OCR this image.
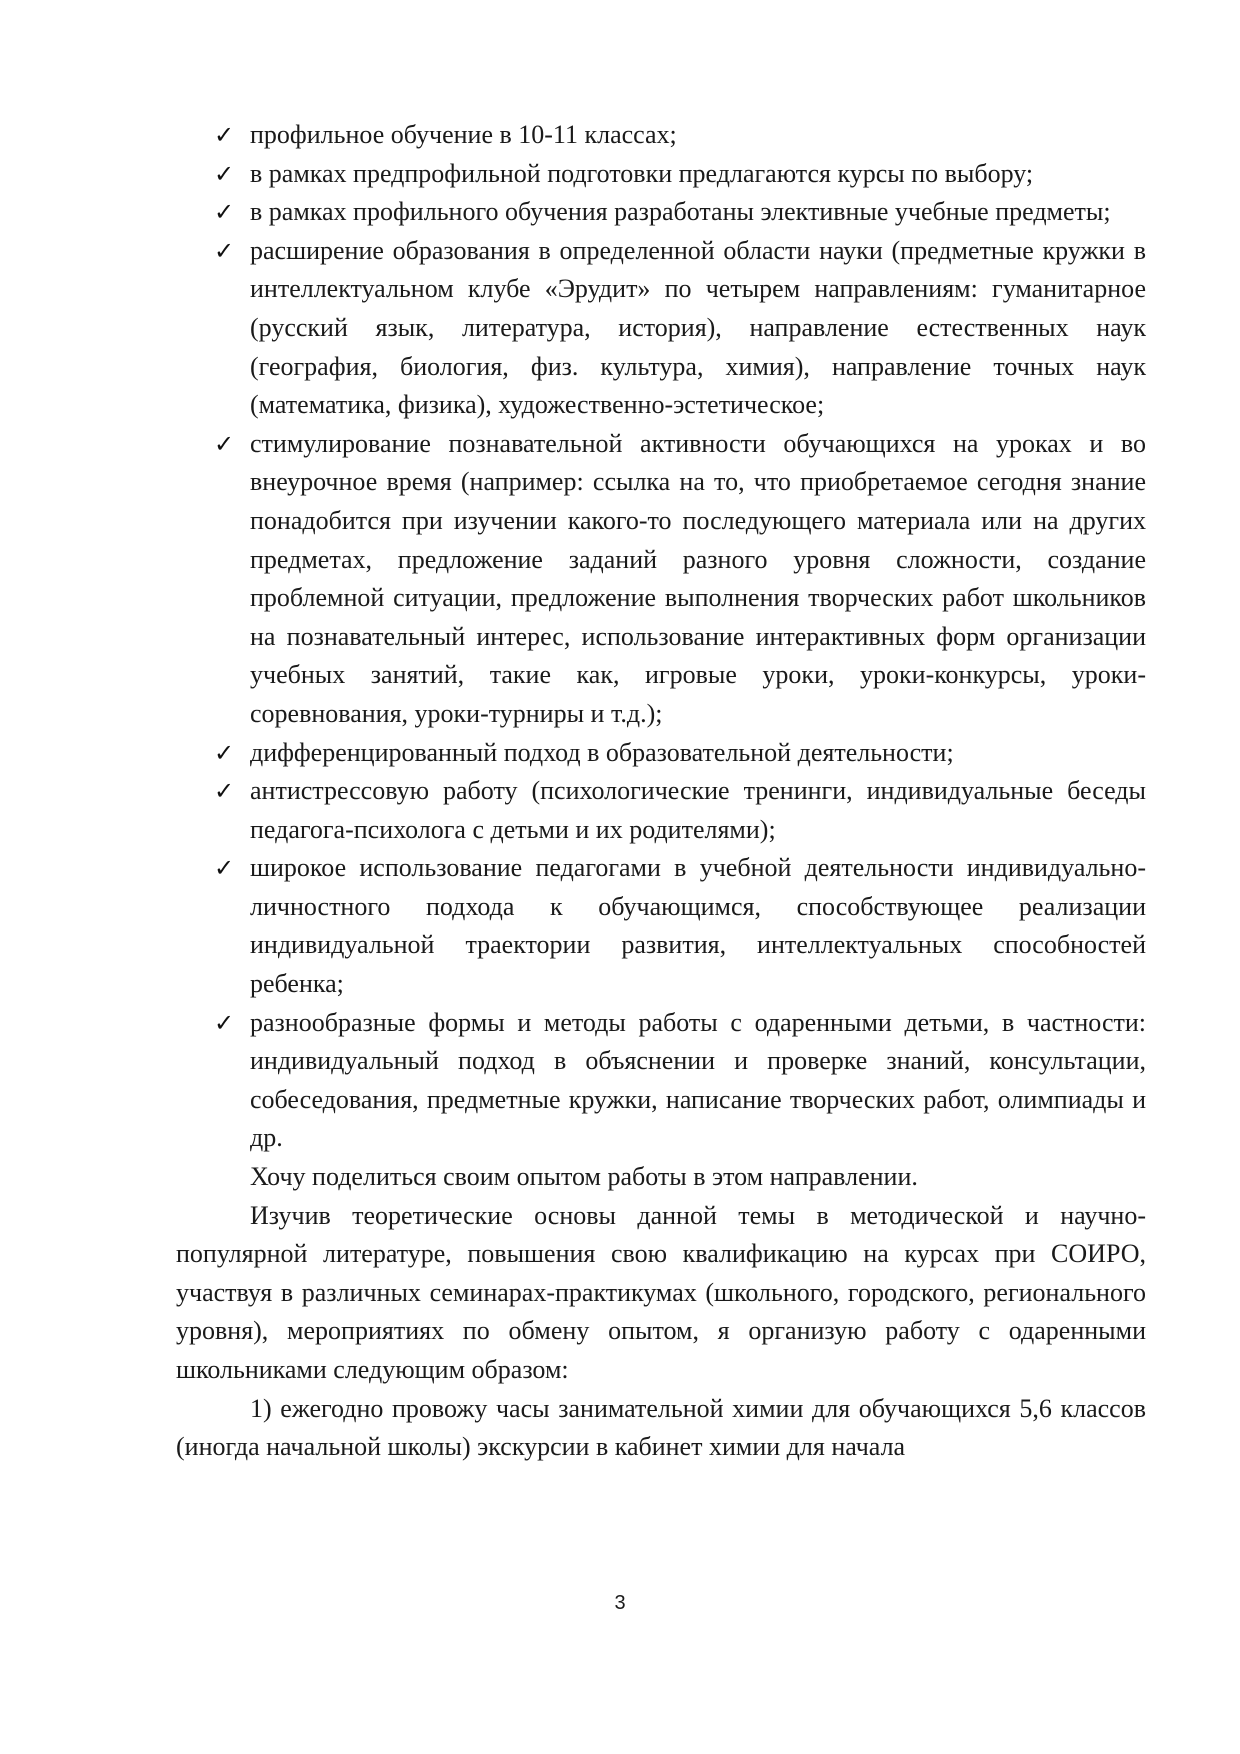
✓ профильное обучение в 10-11 классах;
✓ в рамках предпрофильной подготовки предлагаются курсы по выбору;
✓ в рамках профильного обучения разработаны элективные учебные предметы;
✓ расширение образования в определенной области науки (предметные кружки в интеллектуальном клубе «Эрудит» по четырем направлениям: гуманитарное (русский язык, литература, история), направление естественных наук (география, биология, физ. культура, химия), направление точных наук (математика, физика), художественно-эстетическое;
✓ стимулирование познавательной активности обучающихся на уроках и во внеурочное время (например: ссылка на то, что приобретаемое сегодня знание понадобится при изучении какого-то последующего материала или на других предметах, предложение заданий разного уровня сложности, создание проблемной ситуации, предложение выполнения творческих работ школьников на познавательный интерес, использование интерактивных форм организации учебных занятий, такие как, игровые уроки, уроки-конкурсы, уроки-соревнования, уроки-турниры и т.д.);
✓ дифференцированный подход в образовательной деятельности;
✓ антистрессовую работу (психологические тренинги, индивидуальные беседы педагога-психолога с детьми и их родителями);
✓ широкое использование педагогами в учебной деятельности индивидуально-личностного подхода к обучающимся, способствующее реализации индивидуальной траектории развития, интеллектуальных способностей ребенка;
✓ разнообразные формы и методы работы с одаренными детьми, в частности: индивидуальный подход в объяснении и проверке знаний, консультации, собеседования, предметные кружки, написание творческих работ, олимпиады и др.

Хочу поделиться своим опытом работы в этом направлении.

Изучив теоретические основы данной темы в методической и научно-популярной литературе, повышения свою квалификацию на курсах при СОИРО, участвуя в различных семинарах-практикумах (школьного, городского, регионального уровня), мероприятиях по обмену опытом, я организую работу с одаренными школьниками следующим образом:

1) ежегодно провожу часы занимательной химии для обучающихся 5,6 классов (иногда начальной школы) экскурсии в кабинет химии для начала

3
